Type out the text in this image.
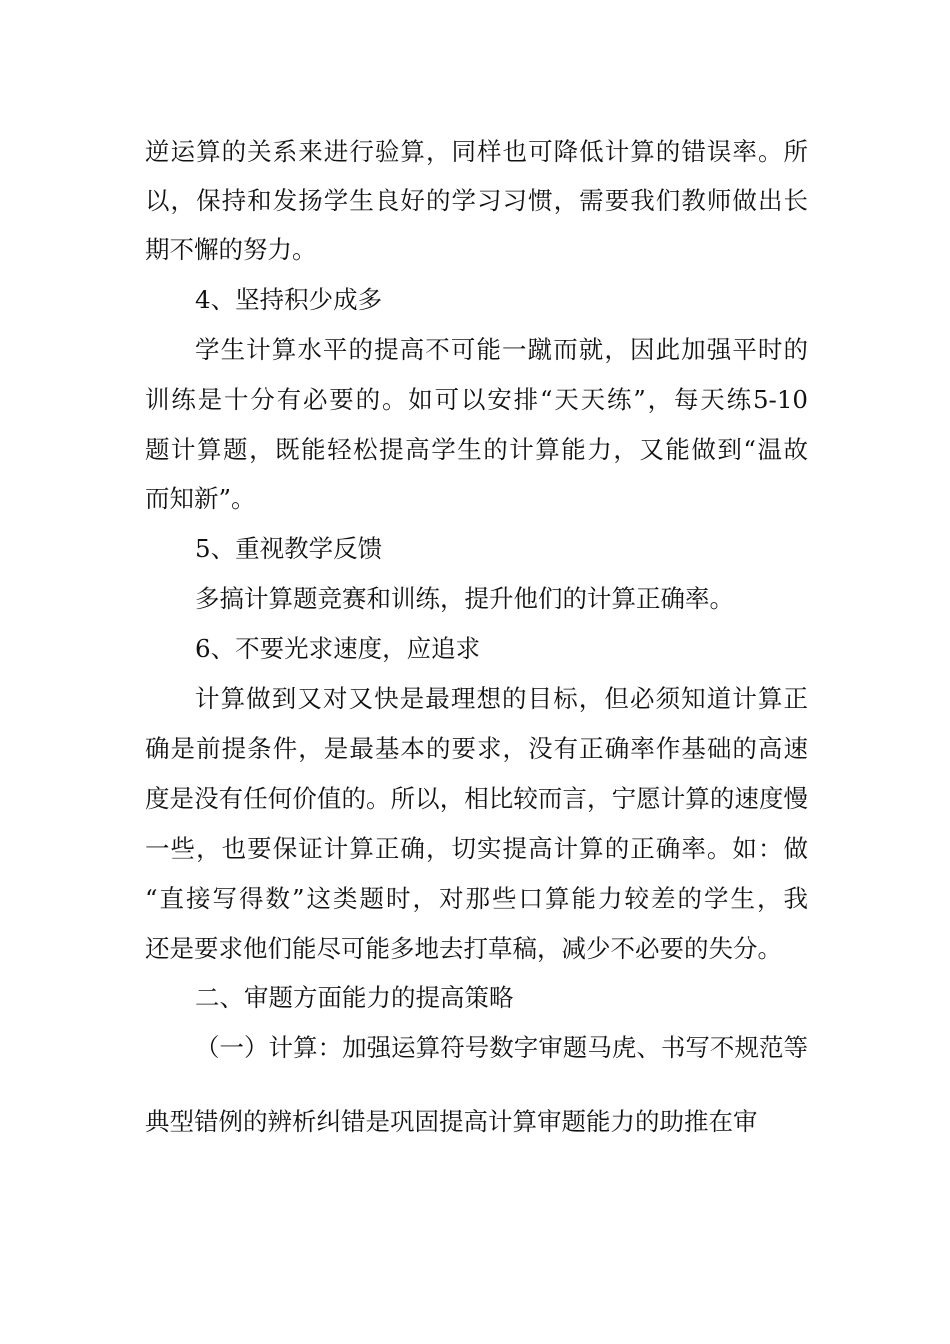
逆运算的关系来进行验算，同样也可降低计算的错误率。所
以，保持和发扬学生良好的学习习惯，需要我们教师做出长
期不懈的努力。
4、坚持积少成多
学生计算水平的提高不可能一蹴而就，因此加强平时的
训练是十分有必要的。如可以安排“天天练”，每天练5-10
题计算题，既能轻松提高学生的计算能力，又能做到“温故
而知新”。
5、重视教学反馈
多搞计算题竞赛和训练，提升他们的计算正确率。
6、不要光求速度，应追求
计算做到又对又快是最理想的目标，但必须知道计算正
确是前提条件，是最基本的要求，没有正确率作基础的高速
度是没有任何价值的。所以，相比较而言，宁愿计算的速度慢
一些，也要保证计算正确，切实提高计算的正确率。如：做
“直接写得数”这类题时，对那些口算能力较差的学生，我
还是要求他们能尽可能多地去打草稿，减少不必要的失分。
二、审题方面能力的提高策略
（一）计算：加强运算符号数字审题马虎、书写不规范等
典型错例的辨析纠错是巩固提高计算审题能力的助推在审
